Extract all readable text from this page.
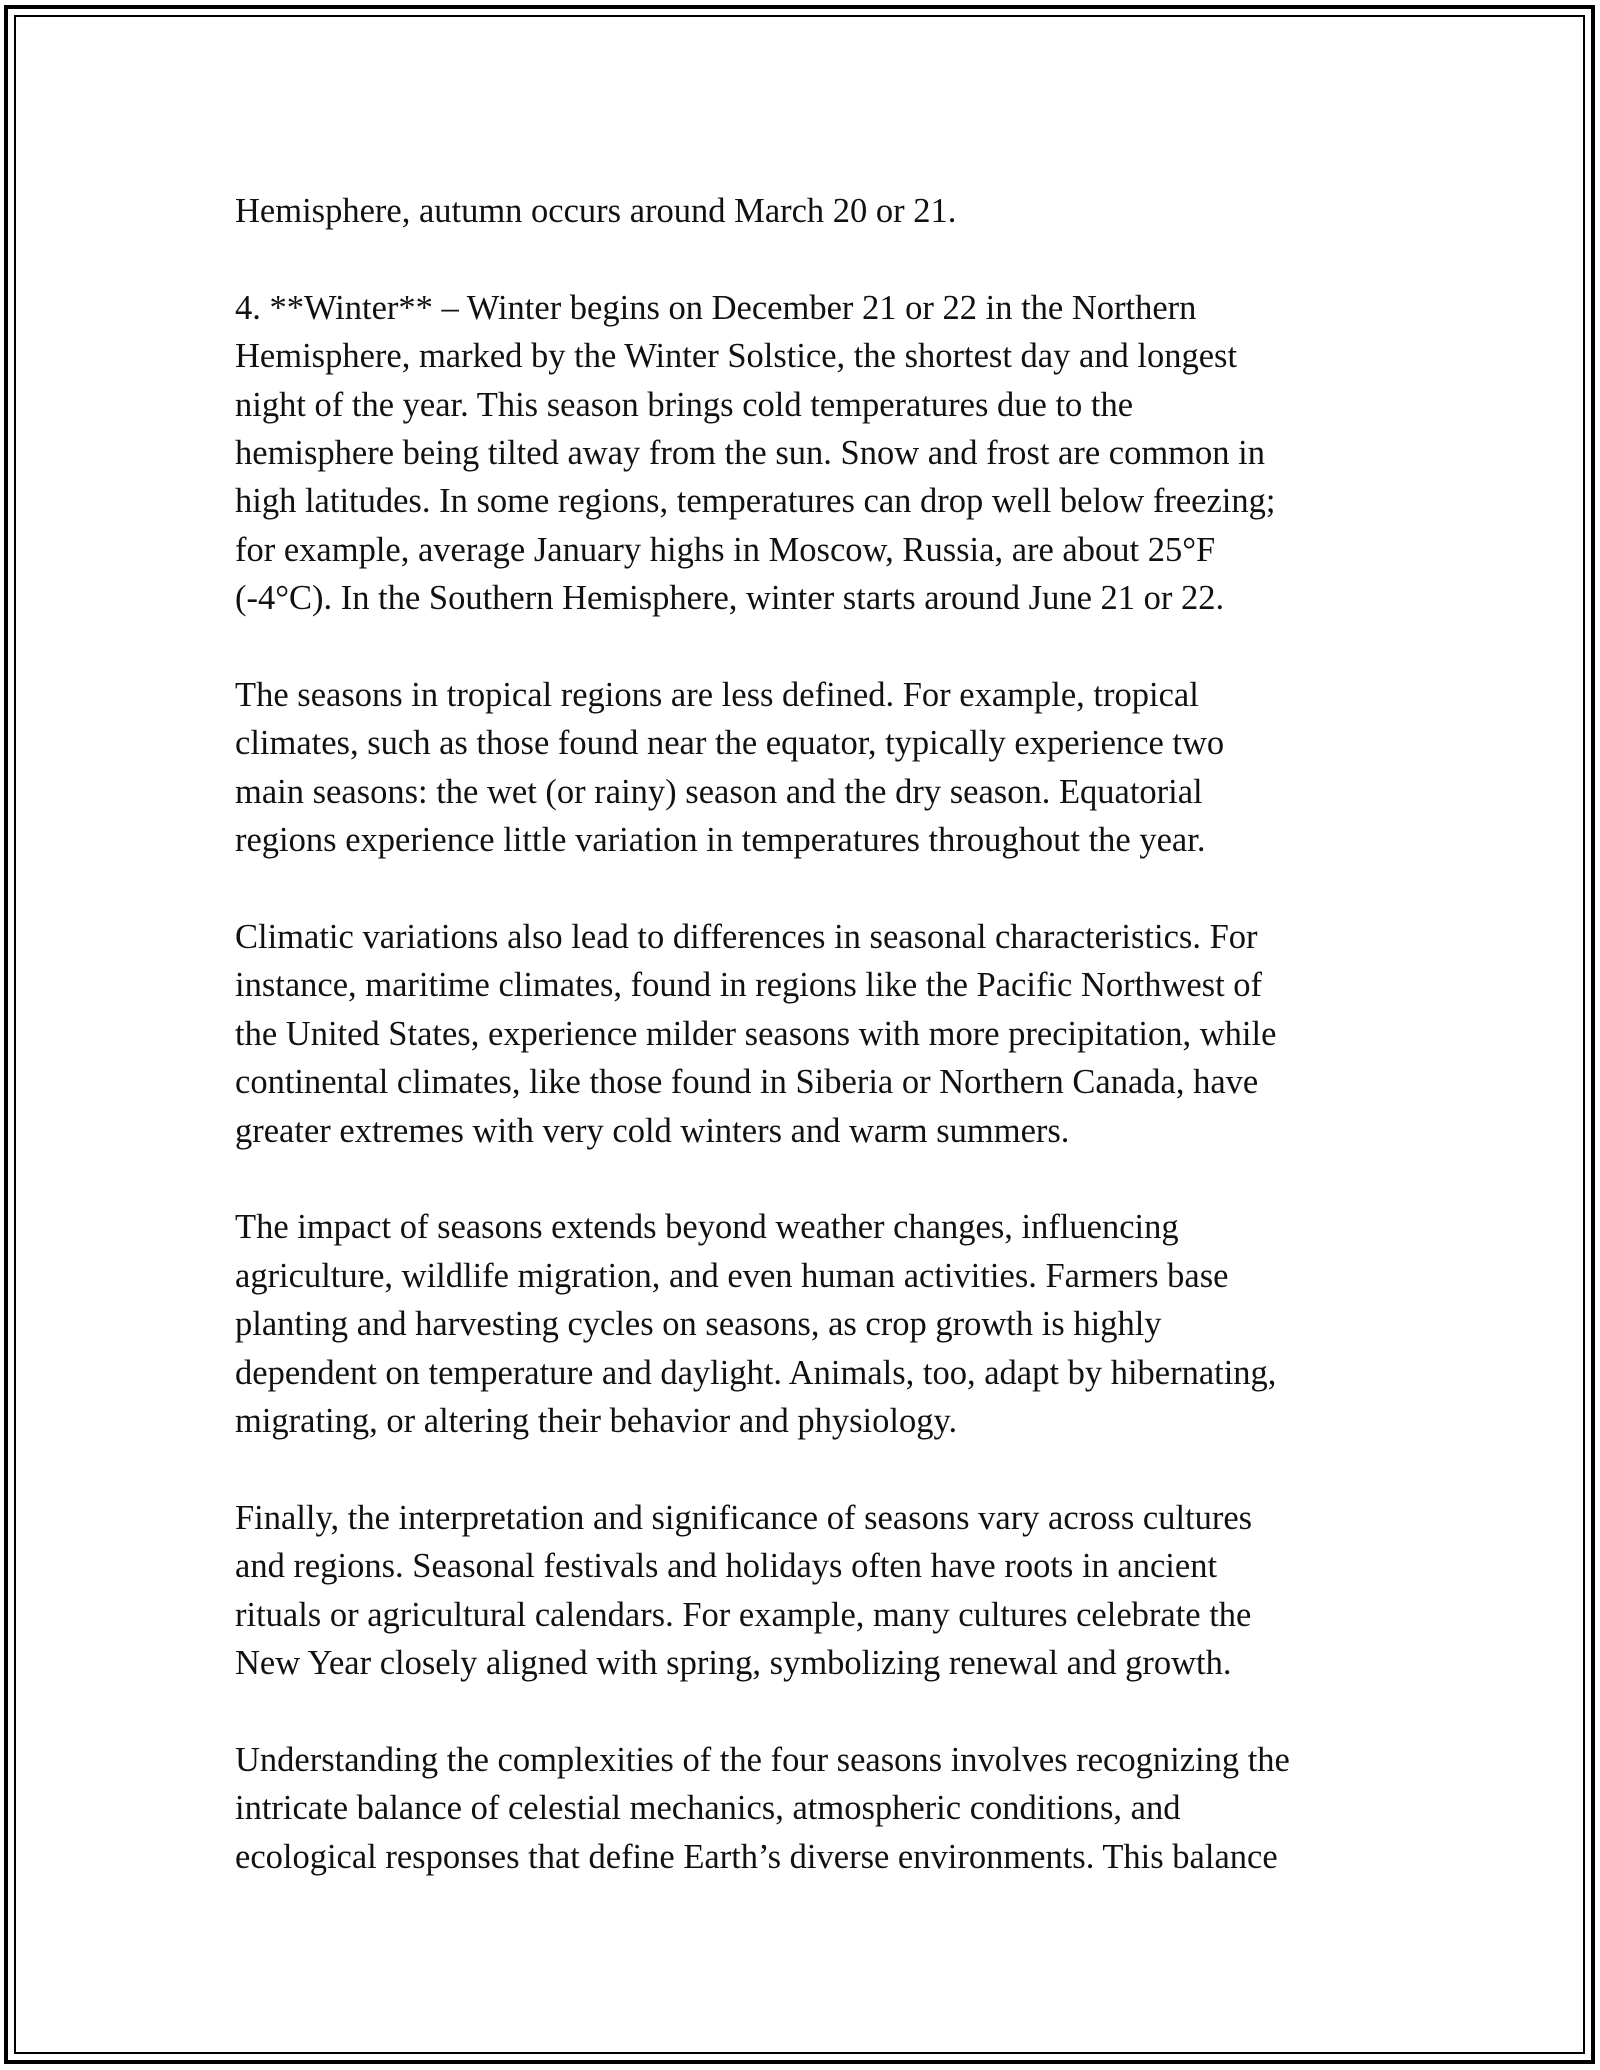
Hemisphere, autumn occurs around March 20 or 21.
4. **Winter** – Winter begins on December 21 or 22 in the Northern
Hemisphere, marked by the Winter Solstice, the shortest day and longest
night of the year. This season brings cold temperatures due to the
hemisphere being tilted away from the sun. Snow and frost are common in
high latitudes. In some regions, temperatures can drop well below freezing;
for example, average January highs in Moscow, Russia, are about 25°F
(-4°C). In the Southern Hemisphere, winter starts around June 21 or 22.
The seasons in tropical regions are less defined. For example, tropical
climates, such as those found near the equator, typically experience two
main seasons: the wet (or rainy) season and the dry season. Equatorial
regions experience little variation in temperatures throughout the year.
Climatic variations also lead to differences in seasonal characteristics. For
instance, maritime climates, found in regions like the Pacific Northwest of
the United States, experience milder seasons with more precipitation, while
continental climates, like those found in Siberia or Northern Canada, have
greater extremes with very cold winters and warm summers.
The impact of seasons extends beyond weather changes, influencing
agriculture, wildlife migration, and even human activities. Farmers base
planting and harvesting cycles on seasons, as crop growth is highly
dependent on temperature and daylight. Animals, too, adapt by hibernating,
migrating, or altering their behavior and physiology.
Finally, the interpretation and significance of seasons vary across cultures
and regions. Seasonal festivals and holidays often have roots in ancient
rituals or agricultural calendars. For example, many cultures celebrate the
New Year closely aligned with spring, symbolizing renewal and growth.
Understanding the complexities of the four seasons involves recognizing the
intricate balance of celestial mechanics, atmospheric conditions, and
ecological responses that define Earth’s diverse environments. This balance
